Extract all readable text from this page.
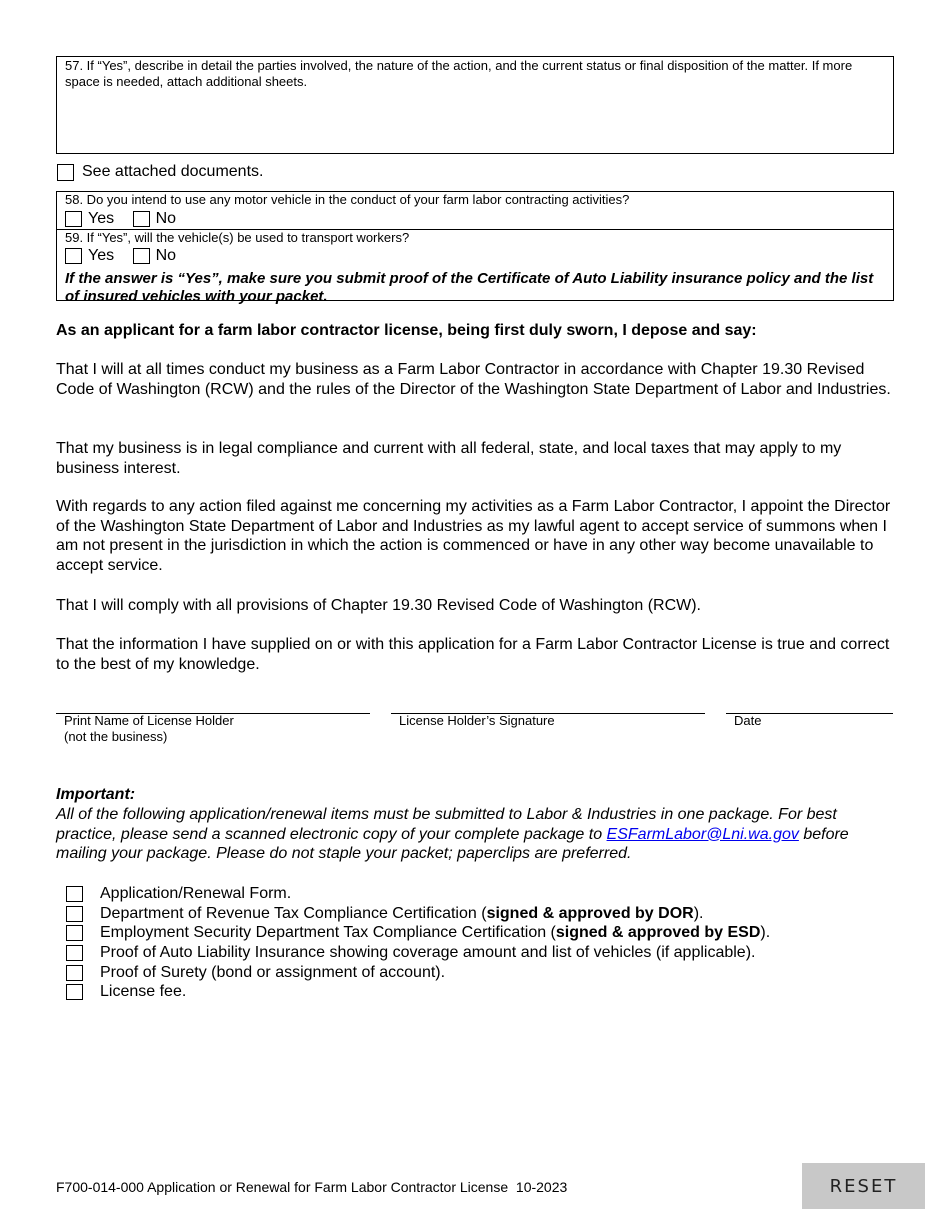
57. If “Yes”, describe in detail the parties involved, the nature of the action, and the current status or final disposition of the matter. If more space is needed, attach additional sheets.
See attached documents.
58. Do you intend to use any motor vehicle in the conduct of your farm labor contracting activities?
Yes
	No
59. If “Yes”, will the vehicle(s) be used to transport workers?
Yes
	No
If the answer is “Yes”, make sure you submit proof of the Certificate of Auto Liability insurance policy and the list of insured vehicles with your packet.
As an applicant for a farm labor contractor license, being first duly sworn, I depose and say:
That I will at all times conduct my business as a Farm Labor Contractor in accordance with Chapter 19.30 Revised Code of Washington (RCW) and the rules of the Director of the Washington State Department of Labor and Industries.
That my business is in legal compliance and current with all federal, state, and local taxes that may apply to my business interest.
With regards to any action filed against me concerning my activities as a Farm Labor Contractor, I appoint the Director of the Washington State Department of Labor and Industries as my lawful agent to accept service of summons when I am not present in the jurisdiction in which the action is commenced or have in any other way become unavailable to accept service.
That I will comply with all provisions of Chapter 19.30 Revised Code of Washington (RCW).
That the information I have supplied on or with this application for a Farm Labor Contractor License is true and correct to the best of my knowledge.
Print Name of License Holder
(not the business)
License Holder’s Signature	Date
Important:
All of the following application/renewal items must be submitted to Labor & Industries in one package. For best practice, please send a scanned electronic copy of your complete package to ESFarmLabor@Lni.wa.gov before mailing your package. Please do not staple your packet; paperclips are preferred.
Application/Renewal Form.
Department of Revenue Tax Compliance Certification (signed & approved by DOR).
Employment Security Department Tax Compliance Certification (signed & approved by ESD).
Proof of Auto Liability Insurance showing coverage amount and list of vehicles (if applicable).
Proof of Surety (bond or assignment of account).
License fee.
F700-014-000 Application or Renewal for Farm Labor Contractor License  10-2023	RESET
